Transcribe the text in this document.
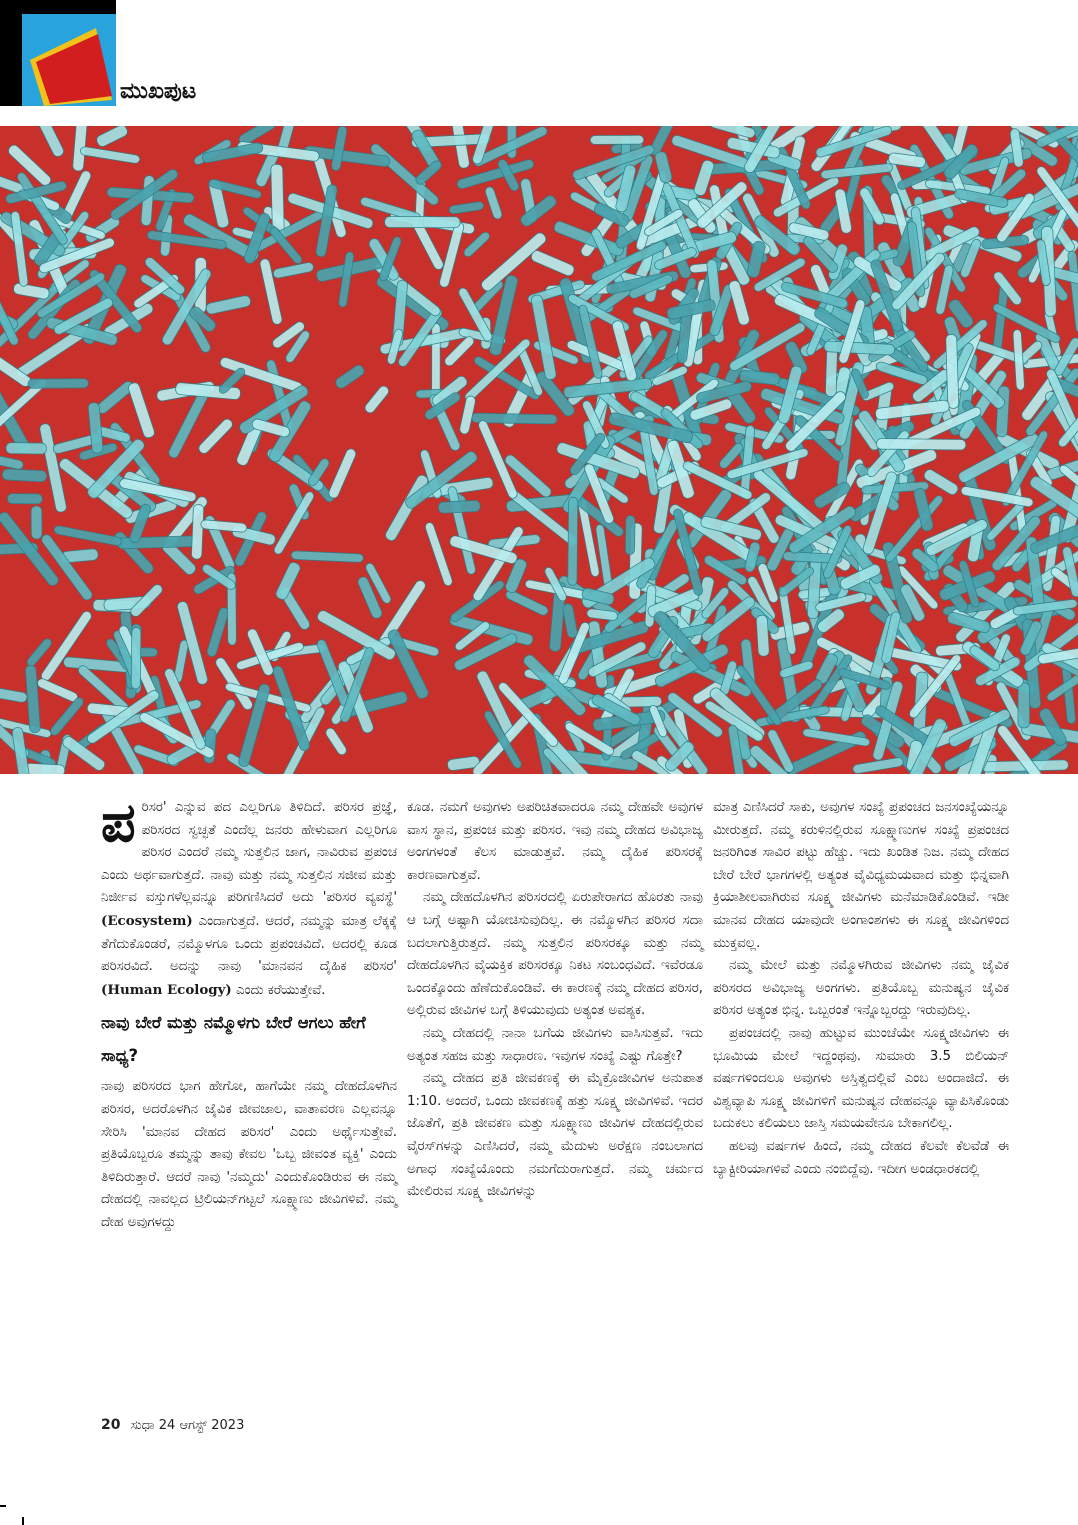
ಮುಖಪುಟ

ಪ ರಿಸರ' ಎನ್ನುವ ಪದ ಎಲ್ಲರಿಗೂ ತಿಳಿದಿದೆ. ಪರಿಸರ ಪ್ರಜ್ಞೆ, ಪರಿಸರದ ಸ್ವಚ್ಛತೆ ಎಂದೆಲ್ಲ ಜನರು ಹೇಳುವಾಗ ಎಲ್ಲರಿಗೂ ಪರಿಸರ ಎಂದರೆ ನಮ್ಮ ಸುತ್ತಲಿನ ಜಾಗ, ನಾವಿರುವ ಪ್ರಪಂಚ ಎಂದು ಅರ್ಥವಾಗುತ್ತದೆ. ನಾವು ಮತ್ತು ನಮ್ಮ ಸುತ್ತಲಿನ ಸಜೀವ ಮತ್ತು ನಿರ್ಜೀವ ವಸ್ತುಗಳೆಲ್ಲವನ್ನೂ ಪರಿಗಣಿಸಿದರೆ ಅದು 'ಪರಿಸರ ವ್ಯವಸ್ಥೆ' (Ecosystem) ಎಂದಾಗುತ್ತದೆ. ಆದರೆ, ನಮ್ಮನ್ನು ಮಾತ್ರ ಲೆಕ್ಕಕ್ಕೆ ತೆಗೆದುಕೊಂಡರೆ, ನಮ್ಮೊಳಗೂ ಒಂದು ಪ್ರಪಂಚವಿದೆ. ಅದರಲ್ಲಿ ಕೂಡ ಪರಿಸರವಿದೆ. ಅದನ್ನು ನಾವು 'ಮಾನವನ ದೈಹಿಕ ಪರಿಸರ' (Human Ecology) ಎಂದು ಕರೆಯುತ್ತೇವೆ.

ನಾವು ಬೇರೆ ಮತ್ತು ನಮ್ಮೊಳಗು ಬೇರೆ ಆಗಲು ಹೇಗೆ ಸಾಧ್ಯ?

ನಾವು ಪರಿಸರದ ಭಾಗ ಹೇಗೋ, ಹಾಗೆಯೇ ನಮ್ಮ ದೇಹದೊಳಗಿನ ಪರಿಸರ, ಅದರೊಳಗಿನ ಜೈವಿಕ ಜೀವಜಾಲ, ವಾತಾವರಣ ಎಲ್ಲವನ್ನೂ ಸೇರಿಸಿ 'ಮಾನವ ದೇಹದ ಪರಿಸರ' ಎಂದು ಅರ್ಥೈಸುತ್ತೇವೆ. ಪ್ರತಿಯೊಬ್ಬರೂ ತಮ್ಮನ್ನು ತಾವು ಕೇವಲ 'ಒಬ್ಬ ಜೀವಂತ ವ್ಯಕ್ತಿ' ಎಂದು ತಿಳಿದಿರುತ್ತಾರೆ. ಆದರೆ ನಾವು 'ನಮ್ಮದು' ಎಂದುಕೊಂಡಿರುವ ಈ ನಮ್ಮ ದೇಹದಲ್ಲಿ ನಾವಲ್ಲದ ಟ್ರಿಲಿಯನ್‌ಗಟ್ಟಲೆ ಸೂಕ್ಷ್ಮಾಣು ಜೀವಿಗಳಿವೆ. ನಮ್ಮ ದೇಹ ಅವುಗಳದ್ದು

ಕೂಡ. ನಮಗೆ ಅವುಗಳು ಅಪರಿಚಿತವಾದರೂ ನಮ್ಮ ದೇಹವೇ ಅವುಗಳ ವಾಸ ಸ್ಥಾನ, ಪ್ರಪಂಚ ಮತ್ತು ಪರಿಸರ. ಇವು ನಮ್ಮ ದೇಹದ ಅವಿಭಾಜ್ಯ ಅಂಗಗಳಂತೆ ಕೆಲಸ ಮಾಡುತ್ತವೆ. ನಮ್ಮ ದೈಹಿಕ ಪರಿಸರಕ್ಕೆ ಕಾರಣವಾಗುತ್ತವೆ.

ನಮ್ಮ ದೇಹದೊಳಗಿನ ಪರಿಸರದಲ್ಲಿ ಏರುಪೇರಾಗದ ಹೊರತು ನಾವು ಆ ಬಗ್ಗೆ ಅಷ್ಟಾಗಿ ಯೋಚಿಸುವುದಿಲ್ಲ. ಈ ನಮ್ಮೊಳಗಿನ ಪರಿಸರ ಸದಾ ಬದಲಾಗುತ್ತಿರುತ್ತದೆ. ನಮ್ಮ ಸುತ್ತಲಿನ ಪರಿಸರಕ್ಕೂ ಮತ್ತು ನಮ್ಮ ದೇಹದೊಳಗಿನ ವೈಯಕ್ತಿಕ ಪರಿಸರಕ್ಕೂ ನಿಕಟ ಸಂಬಂಧವಿದೆ. ಇವೆರಡೂ ಒಂದಕ್ಕೊಂದು ಹೆಣೆದುಕೊಂಡಿವೆ. ಈ ಕಾರಣಕ್ಕೆ ನಮ್ಮ ದೇಹದ ಪರಿಸರ, ಅಲ್ಲಿರುವ ಜೀವಿಗಳ ಬಗ್ಗೆ ತಿಳಿಯುವುದು ಅತ್ಯಂತ ಅವಶ್ಯಕ.

ನಮ್ಮ ದೇಹದಲ್ಲಿ ನಾನಾ ಬಗೆಯ ಜೀವಿಗಳು ವಾಸಿಸುತ್ತವೆ. ಇದು ಅತ್ಯಂತ ಸಹಜ ಮತ್ತು ಸಾಧಾರಣ. ಇವುಗಳ ಸಂಖ್ಯೆ ಎಷ್ಟು ಗೊತ್ತೇ?

ನಮ್ಮ ದೇಹದ ಪ್ರತಿ ಜೀವಕಣಕ್ಕೆ ಈ ಮೈಕ್ರೊಜೀವಿಗಳ ಅನುಪಾತ 1:10. ಅಂದರೆ, ಒಂದು ಜೀವಕಣಕ್ಕೆ ಹತ್ತು ಸೂಕ್ಷ್ಮ ಜೀವಿಗಳಿವೆ. ಇದರ ಜೊತೆಗೆ, ಪ್ರತಿ ಜೀವಕಣ ಮತ್ತು ಸೂಕ್ಷ್ಮಾಣು ಜೀವಿಗಳ ದೇಹದಲ್ಲಿರುವ ವೈರಸ್‌ಗಳನ್ನು ಎಣಿಸಿದರೆ, ನಮ್ಮ ಮೆದುಳು ಅರೆಕ್ಷಣ ನಂಬಲಾಗದ ಅಗಾಧ ಸಂಖ್ಯೆಯೊಂದು ನಮಗೆದುರಾಗುತ್ತದೆ. ನಮ್ಮ ಚರ್ಮದ ಮೇಲಿರುವ ಸೂಕ್ಷ್ಮ ಜೀವಿಗಳನ್ನು

ಮಾತ್ರ ಎಣಿಸಿದರೆ ಸಾಕು, ಅವುಗಳ ಸಂಖ್ಯೆ ಪ್ರಪಂಚದ ಜನಸಂಖ್ಯೆಯನ್ನೂ ಮೀರುತ್ತದೆ. ನಮ್ಮ ಕರುಳಿನಲ್ಲಿರುವ ಸೂಕ್ಷ್ಮಾಣುಗಳ ಸಂಖ್ಯೆ ಪ್ರಪಂಚದ ಜನರಿಗಿಂತ ಸಾವಿರ ಪಟ್ಟು ಹೆಚ್ಚು. ಇದು ಖಂಡಿತ ನಿಜ. ನಮ್ಮ ದೇಹದ ಬೇರೆ ಬೇರೆ ಭಾಗಗಳಲ್ಲಿ ಅತ್ಯಂತ ವೈವಿಧ್ಯಮಯವಾದ ಮತ್ತು ಭಿನ್ನವಾಗಿ ಕ್ರಿಯಾಶೀಲವಾಗಿರುವ ಸೂಕ್ಷ್ಮ ಜೀವಿಗಳು ಮನೆಮಾಡಿಕೊಂಡಿವೆ. ಇಡೀ ಮಾನವ ದೇಹದ ಯಾವುದೇ ಅಂಗಾಂಶಗಳು ಈ ಸೂಕ್ಷ್ಮ ಜೀವಿಗಳಿಂದ ಮುಕ್ತವಲ್ಲ.

ನಮ್ಮ ಮೇಲೆ ಮತ್ತು ನಮ್ಮೊಳಗಿರುವ ಜೀವಿಗಳು ನಮ್ಮ ಜೈವಿಕ ಪರಿಸರದ ಅವಿಭಾಜ್ಯ ಅಂಗಗಳು. ಪ್ರತಿಯೊಬ್ಬ ಮನುಷ್ಯನ ಜೈವಿಕ ಪರಿಸರ ಅತ್ಯಂತ ಭಿನ್ನ. ಒಬ್ಬರಂತೆ ಇನ್ನೊಬ್ಬರದ್ದು ಇರುವುದಿಲ್ಲ.

ಪ್ರಪಂಚದಲ್ಲಿ ನಾವು ಹುಟ್ಟುವ ಮುಂಚೆಯೇ ಸೂಕ್ಷ್ಮಜೀವಿಗಳು ಈ ಭೂಮಿಯ ಮೇಲೆ ಇದ್ದಂಥವು. ಸುಮಾರು 3.5 ಬಿಲಿಯನ್ ವರ್ಷಗಳಿಂದಲೂ ಅವುಗಳು ಅಸ್ತಿತ್ವದಲ್ಲಿವೆ ಎಂಬ ಅಂದಾಜಿದೆ. ಈ ವಿಶ್ವವ್ಯಾಪಿ ಸೂಕ್ಷ್ಮ ಜೀವಿಗಳಿಗೆ ಮನುಷ್ಯನ ದೇಹವನ್ನೂ ವ್ಯಾಪಿಸಿಕೊಂಡು ಬದುಕಲು ಕಲಿಯಲು ಜಾಸ್ತಿ ಸಮಯವೇನೂ ಬೇಕಾಗಲಿಲ್ಲ.

ಹಲವು ವರ್ಷಗಳ ಹಿಂದೆ, ನಮ್ಮ ದೇಹದ ಕೆಲವೇ ಕೆಲವೆಡೆ ಈ ಬ್ಯಾಕ್ಟೀರಿಯಾಗಳಿವೆ ಎಂದು ನಂಬಿದ್ದೆವು. ಇದೀಗ ಅಂಡಧಾರಕದಲ್ಲಿ

20 ಸುಧಾ 24 ಆಗಸ್ಟ್ 2023
